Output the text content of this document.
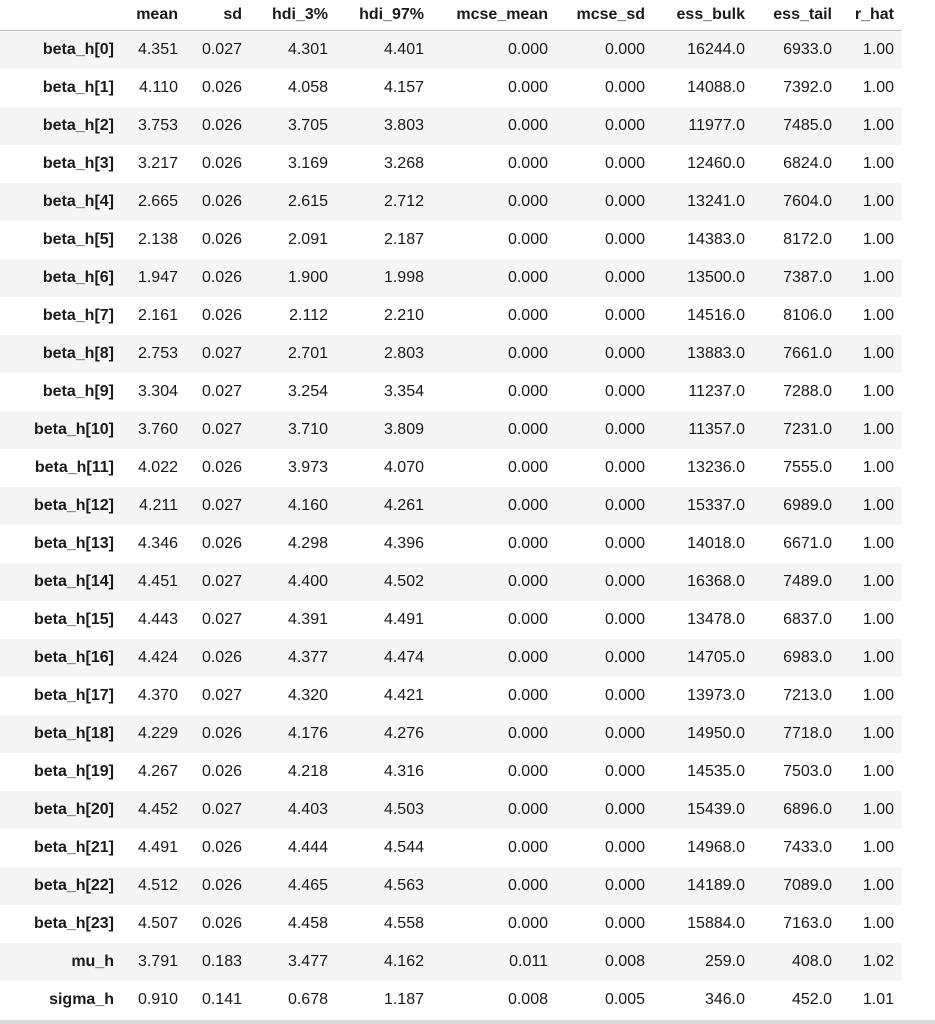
	mean	sd	hdi_3%	hdi_97%	mcse_mean	mcse_sd	ess_bulk	ess_tail	r_hat
beta_h[0]	4.351	0.027	4.301	4.401	0.000	0.000	16244.0	6933.0	1.00
beta_h[1]	4.110	0.026	4.058	4.157	0.000	0.000	14088.0	7392.0	1.00
beta_h[2]	3.753	0.026	3.705	3.803	0.000	0.000	11977.0	7485.0	1.00
beta_h[3]	3.217	0.026	3.169	3.268	0.000	0.000	12460.0	6824.0	1.00
beta_h[4]	2.665	0.026	2.615	2.712	0.000	0.000	13241.0	7604.0	1.00
beta_h[5]	2.138	0.026	2.091	2.187	0.000	0.000	14383.0	8172.0	1.00
beta_h[6]	1.947	0.026	1.900	1.998	0.000	0.000	13500.0	7387.0	1.00
beta_h[7]	2.161	0.026	2.112	2.210	0.000	0.000	14516.0	8106.0	1.00
beta_h[8]	2.753	0.027	2.701	2.803	0.000	0.000	13883.0	7661.0	1.00
beta_h[9]	3.304	0.027	3.254	3.354	0.000	0.000	11237.0	7288.0	1.00
beta_h[10]	3.760	0.027	3.710	3.809	0.000	0.000	11357.0	7231.0	1.00
beta_h[11]	4.022	0.026	3.973	4.070	0.000	0.000	13236.0	7555.0	1.00
beta_h[12]	4.211	0.027	4.160	4.261	0.000	0.000	15337.0	6989.0	1.00
beta_h[13]	4.346	0.026	4.298	4.396	0.000	0.000	14018.0	6671.0	1.00
beta_h[14]	4.451	0.027	4.400	4.502	0.000	0.000	16368.0	7489.0	1.00
beta_h[15]	4.443	0.027	4.391	4.491	0.000	0.000	13478.0	6837.0	1.00
beta_h[16]	4.424	0.026	4.377	4.474	0.000	0.000	14705.0	6983.0	1.00
beta_h[17]	4.370	0.027	4.320	4.421	0.000	0.000	13973.0	7213.0	1.00
beta_h[18]	4.229	0.026	4.176	4.276	0.000	0.000	14950.0	7718.0	1.00
beta_h[19]	4.267	0.026	4.218	4.316	0.000	0.000	14535.0	7503.0	1.00
beta_h[20]	4.452	0.027	4.403	4.503	0.000	0.000	15439.0	6896.0	1.00
beta_h[21]	4.491	0.026	4.444	4.544	0.000	0.000	14968.0	7433.0	1.00
beta_h[22]	4.512	0.026	4.465	4.563	0.000	0.000	14189.0	7089.0	1.00
beta_h[23]	4.507	0.026	4.458	4.558	0.000	0.000	15884.0	7163.0	1.00
mu_h	3.791	0.183	3.477	4.162	0.011	0.008	259.0	408.0	1.02
sigma_h	0.910	0.141	0.678	1.187	0.008	0.005	346.0	452.0	1.01
